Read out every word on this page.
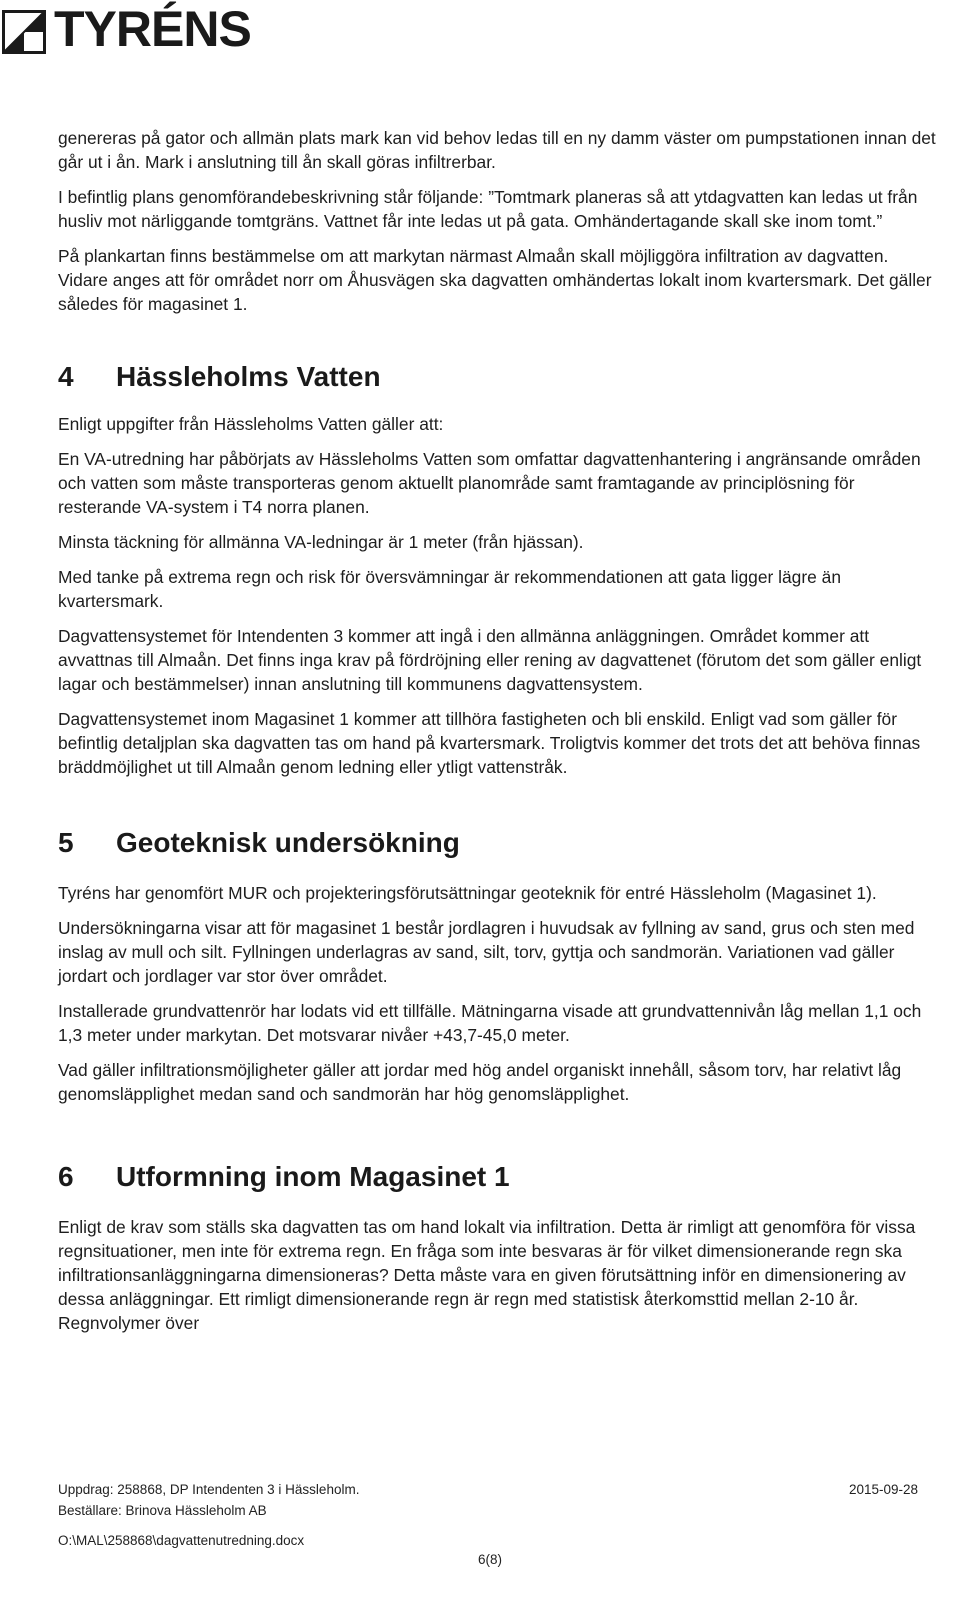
TYRÉNS

genereras på gator och allmän plats mark kan vid behov ledas till en ny damm väster om pumpstationen innan det går ut i ån. Mark i anslutning till ån skall göras infiltrerbar.

I befintlig plans genomförandebeskrivning står följande: ”Tomtmark planeras så att ytdagvatten kan ledas ut från husliv mot närliggande tomtgräns. Vattnet får inte ledas ut på gata. Omhändertagande skall ske inom tomt.”

På plankartan finns bestämmelse om att markytan närmast Almaån skall möjliggöra infiltration av dagvatten. Vidare anges att för området norr om Åhusvägen ska dagvatten omhändertas lokalt inom kvartersmark. Det gäller således för magasinet 1.

4 Hässleholms Vatten

Enligt uppgifter från Hässleholms Vatten gäller att:

En VA-utredning har påbörjats av Hässleholms Vatten som omfattar dagvattenhantering i angränsande områden och vatten som måste transporteras genom aktuellt planområde samt framtagande av principlösning för resterande VA-system i T4 norra planen.

Minsta täckning för allmänna VA-ledningar är 1 meter (från hjässan).

Med tanke på extrema regn och risk för översvämningar är rekommendationen att gata ligger lägre än kvartersmark.

Dagvattensystemet för Intendenten 3 kommer att ingå i den allmänna anläggningen. Området kommer att avvattnas till Almaån. Det finns inga krav på fördröjning eller rening av dagvattenet (förutom det som gäller enligt lagar och bestämmelser) innan anslutning till kommunens dagvattensystem.

Dagvattensystemet inom Magasinet 1 kommer att tillhöra fastigheten och bli enskild. Enligt vad som gäller för befintlig detaljplan ska dagvatten tas om hand på kvartersmark. Troligtvis kommer det trots det att behöva finnas bräddmöjlighet ut till Almaån genom ledning eller ytligt vattenstråk.

5 Geoteknisk undersökning

Tyréns har genomfört MUR och projekteringsförutsättningar geoteknik för entré Hässleholm (Magasinet 1).

Undersökningarna visar att för magasinet 1 består jordlagren i huvudsak av fyllning av sand, grus och sten med inslag av mull och silt. Fyllningen underlagras av sand, silt, torv, gyttja och sandmorän. Variationen vad gäller jordart och jordlager var stor över området.

Installerade grundvattenrör har lodats vid ett tillfälle. Mätningarna visade att grundvattennivån låg mellan 1,1 och 1,3 meter under markytan. Det motsvarar nivåer +43,7-45,0 meter.

Vad gäller infiltrationsmöjligheter gäller att jordar med hög andel organiskt innehåll, såsom torv, har relativt låg genomsläpplighet medan sand och sandmorän har hög genomsläpplighet.

6 Utformning inom Magasinet 1

Enligt de krav som ställs ska dagvatten tas om hand lokalt via infiltration. Detta är rimligt att genomföra för vissa regnsituationer, men inte för extrema regn. En fråga som inte besvaras är för vilket dimensionerande regn ska infiltrationsanläggningarna dimensioneras? Detta måste vara en given förutsättning inför en dimensionering av dessa anläggningar. Ett rimligt dimensionerande regn är regn med statistisk återkomsttid mellan 2-10 år. Regnvolymer över

Uppdrag: 258868, DP Intendenten 3 i Hässleholm.	2015-09-28
Beställare: Brinova Hässleholm AB
O:\MAL\258868\dagvattenutredning.docx
6(8)
